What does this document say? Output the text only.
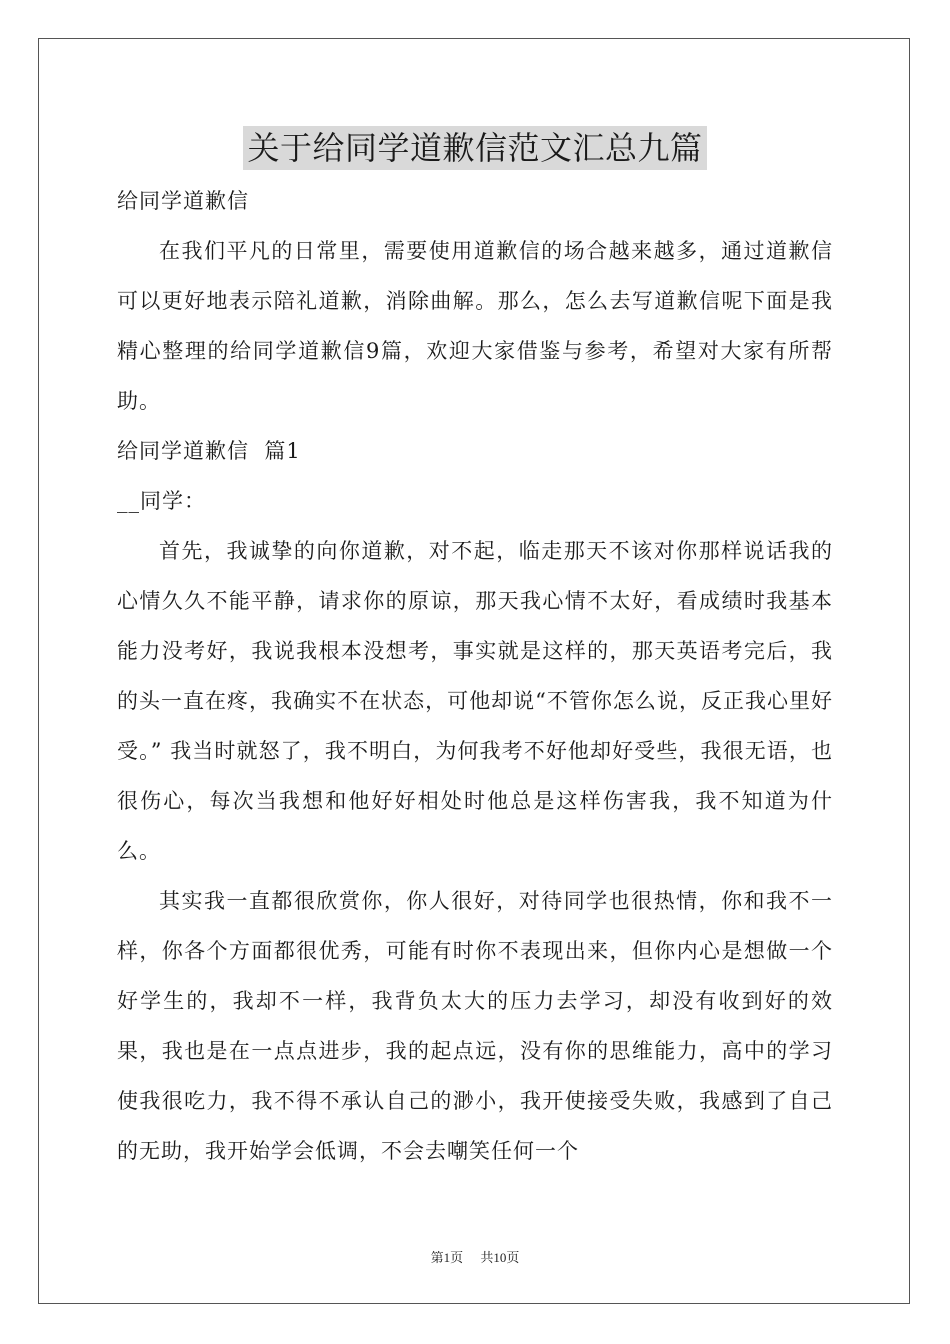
关于给同学道歉信范文汇总九篇
给同学道歉信

在我们平凡的日常里，需要使用道歉信的场合越来越多，通过道歉信可以更好地表示陪礼道歉，消除曲解。那么，怎么去写道歉信呢下面是我精心整理的给同学道歉信9篇，欢迎大家借鉴与参考，希望对大家有所帮助。

给同学道歉信  篇1
__同学：

首先，我诚挚的向你道歉，对不起，临走那天不该对你那样说话我的心情久久不能平静，请求你的原谅，那天我心情不太好，看成绩时我基本能力没考好，我说我根本没想考，事实就是这样的，那天英语考完后，我的头一直在疼，我确实不在状态，可他却说“不管你怎么说，反正我心里好受。” 我当时就怒了，我不明白，为何我考不好他却好受些，我很无语，也很伤心，每次当我想和他好好相处时他总是这样伤害我，我不知道为什么。

其实我一直都很欣赏你，你人很好，对待同学也很热情，你和我不一样，你各个方面都很优秀，可能有时你不表现出来，但你内心是想做一个好学生的，我却不一样，我背负太大的压力去学习，却没有收到好的效果，我也是在一点点进步，我的起点远，没有你的思维能力，高中的学习使我很吃力，我不得不承认自己的渺小，我开使接受失败，我感到了自己的无助，我开始学会低调，不会去嘲笑任何一个

第1页 共10页
